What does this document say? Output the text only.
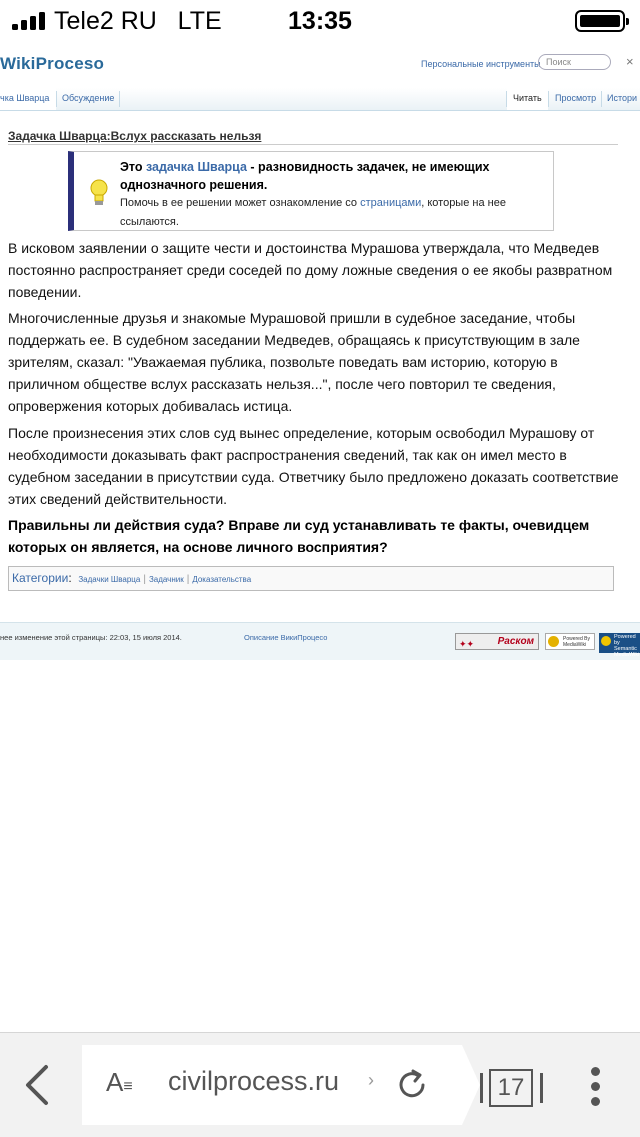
Tele2 RU LTE	13:35
WikiProceso	Персональные инструменты Поиск	×
чка Шварца Обсуждение	Читать Просмотр Истори
Задачка Шварца:Вслух рассказать нельзя
Это задачка Шварца - разновидность задачек, не имеющих однозначного решения.
Помочь в ее решении может ознакомление со страницами, которые на нее ссылаются.
В исковом заявлении о защите чести и достоинства Мурашова утверждала, что Медведев постоянно распространяет среди соседей по дому ложные сведения о ее якобы развратном поведении.
Многочисленные друзья и знакомые Мурашовой пришли в судебное заседание, чтобы поддержать ее. В судебном заседании Медведев, обращаясь к присутствующим в зале зрителям, сказал: "Уважаемая публика, позвольте поведать вам историю, которую в приличном обществе вслух рассказать нельзя...", после чего повторил те сведения, опровержения которых добивалась истица.
После произнесения этих слов суд вынес определение, которым освободил Мурашову от необходимости доказывать факт распространения сведений, так как он имел место в судебном заседании в присутствии суда. Ответчику было предложено доказать соответствие этих сведений действительности.
Правильны ли действия суда? Вправе ли суд устанавливать те факты, очевидцем которых он является, на основе личного восприятия?
Категории:  Задачки Шварца | Задачник | Доказательства
нее изменение этой страницы: 22:03, 15 июля 2014.	Описание ВикиПроцесо
✦✦ Раском	Powered By
MediaWiki
Powered by
Semantic
MediaWiki
A≡	civilprocess.ru ›	17
